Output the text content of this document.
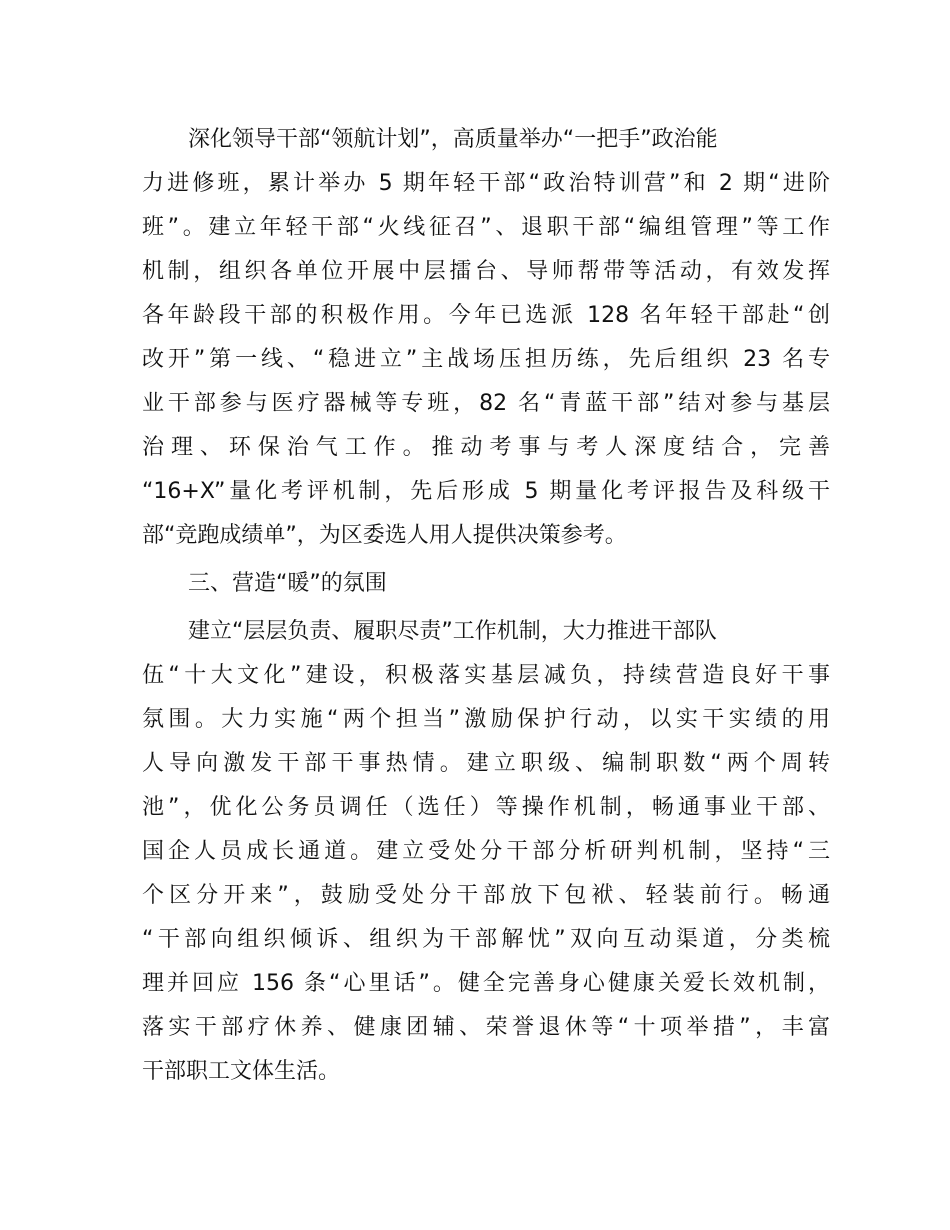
深化领导干部“领航计划”，高质量举办“一把手”政治能

力进修班，累计举办 5 期年轻干部“政治特训营”和 2 期“进阶

班”。建立年轻干部“火线征召”、退职干部“编组管理”等工作

机制，组织各单位开展中层擂台、导师帮带等活动，有效发挥

各年龄段干部的积极作用。今年已选派 128 名年轻干部赴“创

改开”第一线、“稳进立”主战场压担历练，先后组织 23 名专

业干部参与医疗器械等专班，82 名“青蓝干部”结对参与基层

治理、环保治气工作。推动考事与考人深度结合，完善

“16+X”量化考评机制，先后形成 5 期量化考评报告及科级干

部“竞跑成绩单”，为区委选人用人提供决策参考。

三、营造“暖”的氛围

建立“层层负责、履职尽责”工作机制，大力推进干部队

伍“十大文化”建设，积极落实基层减负，持续营造良好干事

氛围。大力实施“两个担当”激励保护行动，以实干实绩的用

人导向激发干部干事热情。建立职级、编制职数“两个周转

池”，优化公务员调任（选任）等操作机制，畅通事业干部、

国企人员成长通道。建立受处分干部分析研判机制，坚持“三

个区分开来”，鼓励受处分干部放下包袱、轻装前行。畅通

“干部向组织倾诉、组织为干部解忧”双向互动渠道，分类梳

理并回应 156 条“心里话”。健全完善身心健康关爱长效机制，

落实干部疗休养、健康团辅、荣誉退休等“十项举措”，丰富

干部职工文体生活。
